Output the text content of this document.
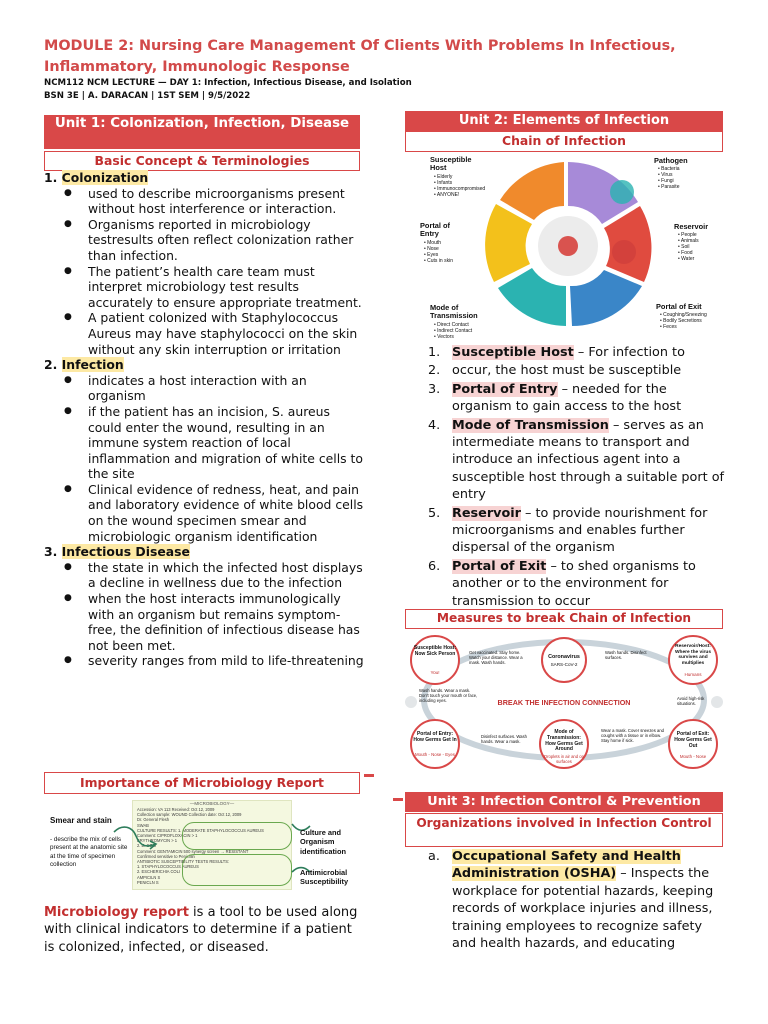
MODULE 2: Nursing Care Management Of Clients With Problems In Infectious, Inflammatory, Immunologic Response
NCM112 NCM LECTURE — DAY 1: Infection, Infectious Disease, and Isolation
BSN 3E | A. DARACAN | 1ST SEM | 9/5/2022
Unit 1: Colonization, Infection, Disease
Basic Concept & Terminologies
1. Colonization
● used to describe microorganisms present without host interference or interaction.
● Organisms reported in microbiology testresults often reflect colonization rather than infection.
● The patient’s health care team must interpret microbiology test results accurately to ensure appropriate treatment.
● A patient colonized with Staphylococcus Aureus may have staphylococci on the skin without any skin interruption or irritation
2. Infection
● indicates a host interaction with an organism
● if the patient has an incision, S. aureus could enter the wound, resulting in an immune system reaction of local inflammation and migration of white cells to the site
● Clinical evidence of redness, heat, and pain and laboratory evidence of white blood cells on the wound specimen smear and microbiologic organism identification
3. Infectious Disease
● the state in which the infected host displays a decline in wellness due to the infection
● when the host interacts immunologically with an organism but remains symptom-free, the definition of infectious disease has not been met.
● severity ranges from mild to life-threatening
Importance of Microbiology Report
Smear and stain
- describe the mix of cells present at the anatomic site at the time of specimen collection
—MICROBIOLOGY—
Accession: VA 113 Received: Oct 12, 2009
Collection sample: WOUND Collection date: Oct 12, 2009
Dr. General Flesh
SWAB
CULTURE RESULTS: 1. MODERATE STAPHYLOCOCCUS AUREUS
Comment: CIPROFLOXACIN > 1
ERYTHROMYCIN > 1
2. E. COLI
Comment: GENTAMICIN 500 synergy screen → RESISTANT
Confirmed sensitive to Penicillin
ANTIBIOTIC SUSCEPTIBILITY TESTS RESULTS:
1. STAPHYLOCOCCUS AUREUS
2. ESCHERICHIA COLI
AMPICILN S
PENICLN S
Culture and Organism identification
Antimicrobial Susceptibility
Microbiology report is a tool to be used along with clinical indicators to determine if a patient is colonized, infected, or diseased.
Unit 2: Elements of Infection
Chain of Infection
Susceptible Host
• Elderly
• Infants
• Immunocompromised
• ANYONE!
Pathogen
• Bacteria
• Virus
• Fungi
• Parasite
Reservoir
• People
• Animals
• Soil
• Food
• Water
Portal of Exit
• Coughing/Sneezing
• Bodily Secretions
• Feces
Mode of Transmission
• Direct Contact
• Indirect Contact
• Vectors
Portal of Entry
• Mouth
• Nose
• Eyes
• Cuts in skin
1. Susceptible Host – For infection to
2. occur, the host must be susceptible
3. Portal of Entry – needed for the organism to gain access to the host
4. Mode of Transmission – serves as an intermediate means to transport and introduce an infectious agent into a susceptible host through a suitable port of entry
5. Reservoir – to provide nourishment for microorganisms and enables further dispersal of the organism
6. Portal of Exit – to shed organisms to another or to the environment for transmission to occur
Measures to break Chain of Infection
Susceptible Host: Now Sick Person
You!
Coronavirus
SARS-CoV-2
Reservoir/Host: Where the virus survives and multiplies
Humans
Portal of Entry: How Germs Get In
Mouth - Nose - Eyes
Mode of Transmission: How Germs Get Around
Droplets in air and on surfaces
Portal of Exit: How Germs Get Out
Mouth - Nose
BREAK THE INFECTION CONNECTION
Get vaccinated. Stay home. Watch your distance. Wear a mask. Wash hands.
Wash hands. Disinfect surfaces.
Wash hands. Wear a mask. Don't touch your mouth or face, including eyes.	Avoid high-risk situations.
Disinfect surfaces. Wash hands. Wear a mask.
Wear a mask. Cover sneezes and coughs with a tissue or in elbow. Stay home if sick.
Unit 3: Infection Control & Prevention
Organizations involved in Infection Control
a. Occupational Safety and Health Administration (OSHA) – Inspects the workplace for potential hazards, keeping records of workplace injuries and illness, training employees to recognize safety and health hazards, and educating
